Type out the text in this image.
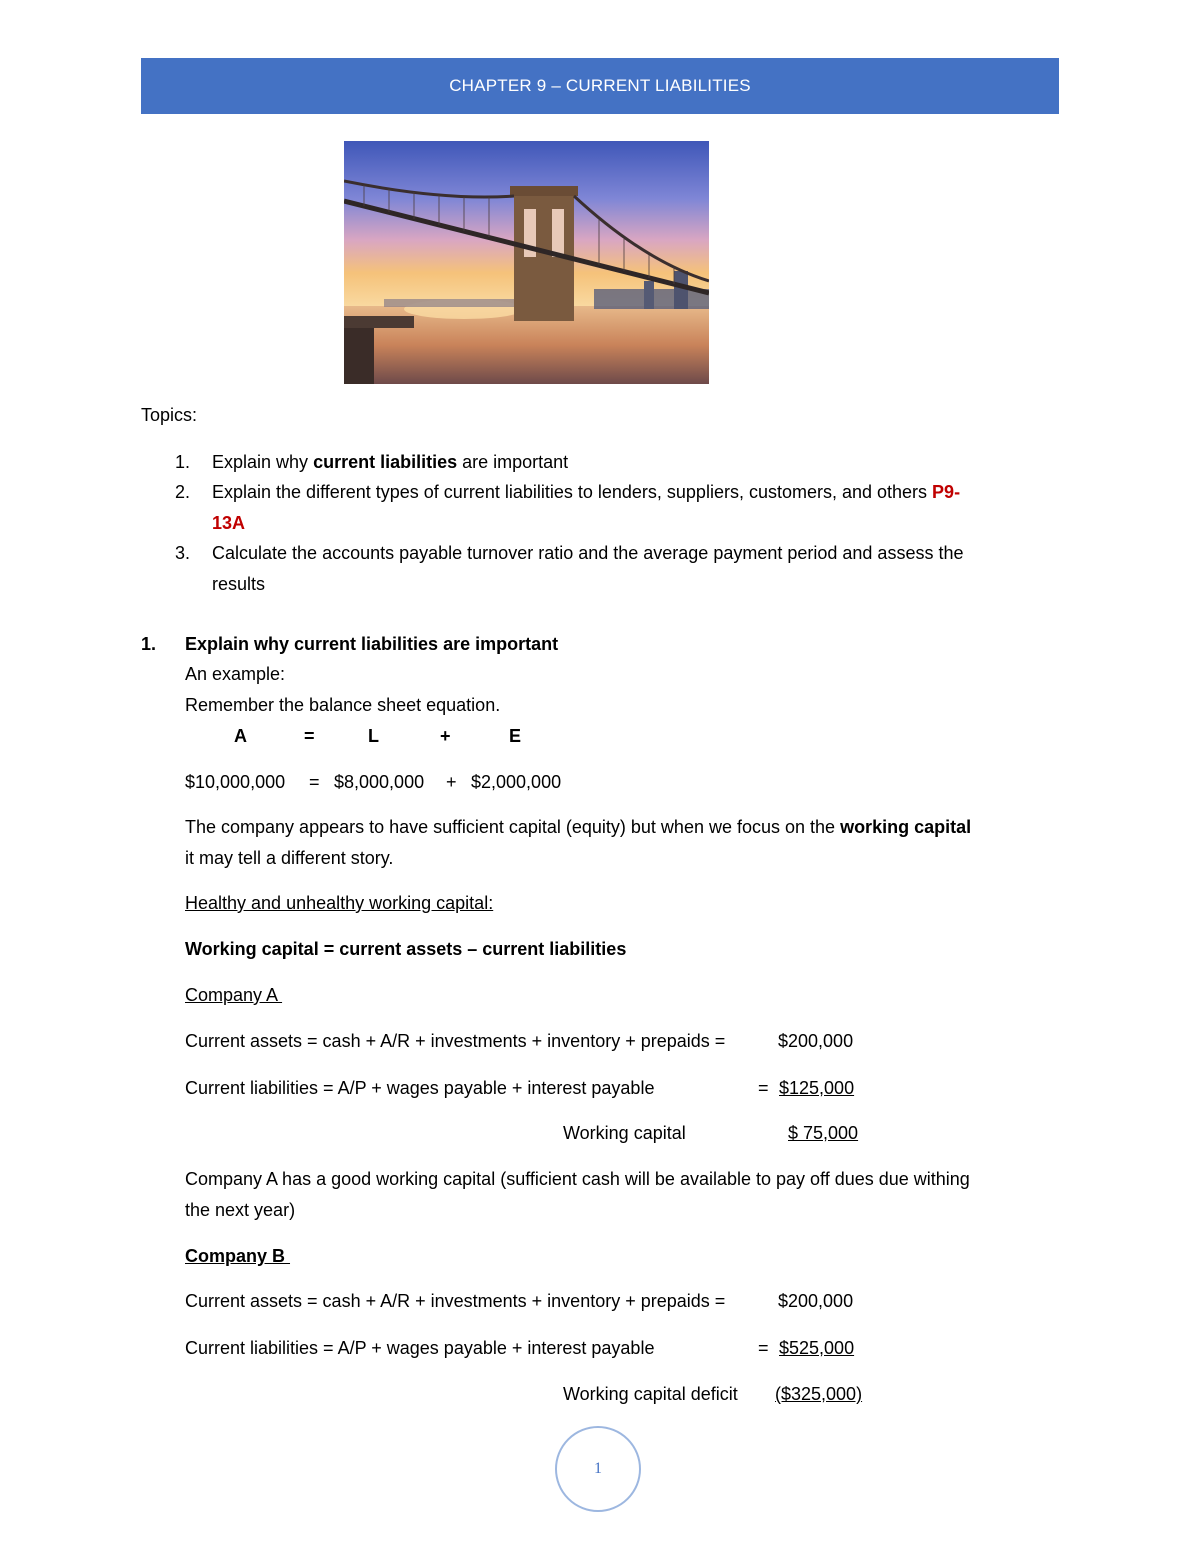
CHAPTER 9 – CURRENT LIABILITIES
Topics:
1. Explain why current liabilities are important
2. Explain the different types of current liabilities to lenders, suppliers, customers, and others P9-
13A
3. Calculate the accounts payable turnover ratio and the average payment period and assess the
results
1. Explain why current liabilities are important
An example:
Remember the balance sheet equation.
A	=	L	+	E
$10,000,000 = $8,000,000 + $2,000,000
The company appears to have sufficient capital (equity) but when we focus on the working capital
it may tell a different story.
Healthy and unhealthy working capital:
Working capital = current assets – current liabilities
Company A
Current assets = cash + A/R + investments + inventory + prepaids =	$200,000
Current liabilities = A/P + wages payable + interest payable	= $125,000
Working capital	$ 75,000
Company A has a good working capital (sufficient cash will be available to pay off dues due withing
the next year)
Company B
Current assets = cash + A/R + investments + inventory + prepaids =	$200,000
Current liabilities = A/P + wages payable + interest payable	= $525,000
Working capital deficit ($325,000)
1
